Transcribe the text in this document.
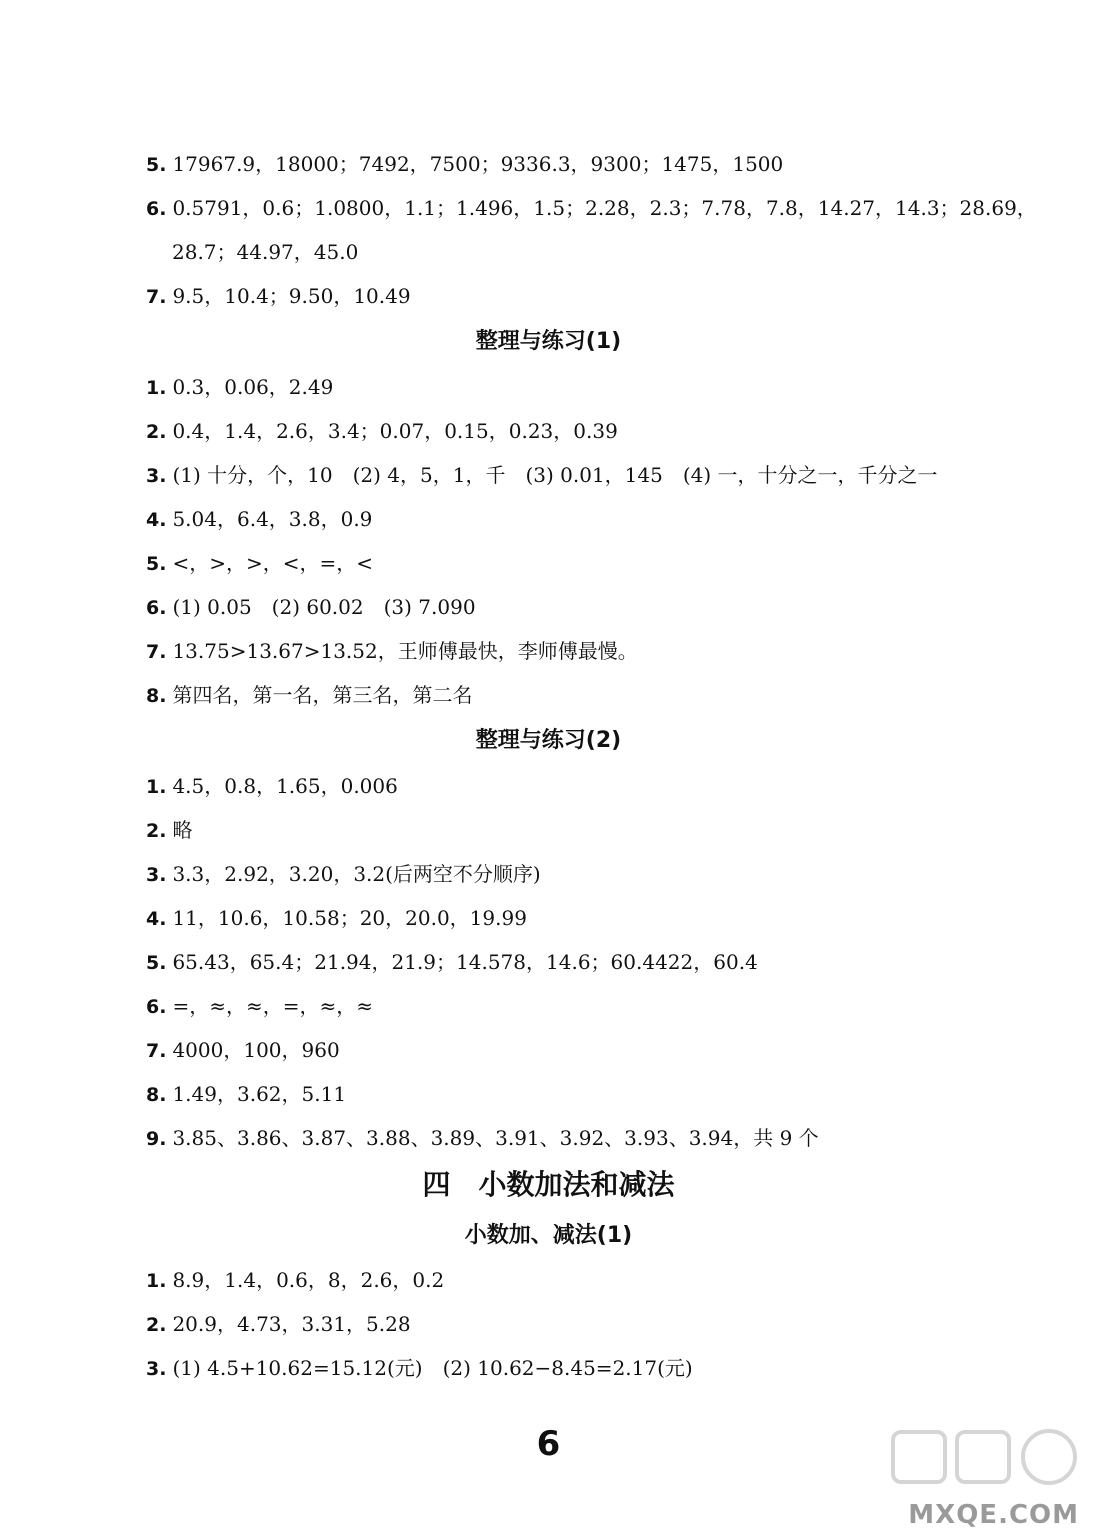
5. 17967.9，18000；7492，7500；9336.3，9300；1475，1500
6. 0.5791，0.6；1.0800，1.1；1.496，1.5；2.28，2.3；7.78，7.8，14.27，14.3；28.69，
28.7；44.97，45.0
7. 9.5，10.4；9.50，10.49
整理与练习(1)
1. 0.3，0.06，2.49
2. 0.4，1.4，2.6，3.4；0.07，0.15，0.23，0.39
3. (1) 十分，个，10　(2) 4，5，1，千　(3) 0.01，145　(4) 一，十分之一，千分之一
4. 5.04，6.4，3.8，0.9
5. <，>，>，<，=，<
6. (1) 0.05　(2) 60.02　(3) 7.090
7. 13.75>13.67>13.52，王师傅最快，李师傅最慢。
8. 第四名，第一名，第三名，第二名
整理与练习(2)
1. 4.5，0.8，1.65，0.006
2. 略
3. 3.3，2.92，3.20，3.2(后两空不分顺序)
4. 11，10.6，10.58；20，20.0，19.99
5. 65.43，65.4；21.94，21.9；14.578，14.6；60.4422，60.4
6. =，≈，≈，=，≈，≈
7. 4000，100，960
8. 1.49，3.62，5.11
9. 3.85、3.86、3.87、3.88、3.89、3.91、3.92、3.93、3.94，共 9 个
四　小数加法和减法
小数加、减法(1)
1. 8.9，1.4，0.6，8，2.6，0.2
2. 20.9，4.73，3.31，5.28
3. (1) 4.5+10.62=15.12(元)　(2) 10.62−8.45=2.17(元)
6
MXQE.COM
